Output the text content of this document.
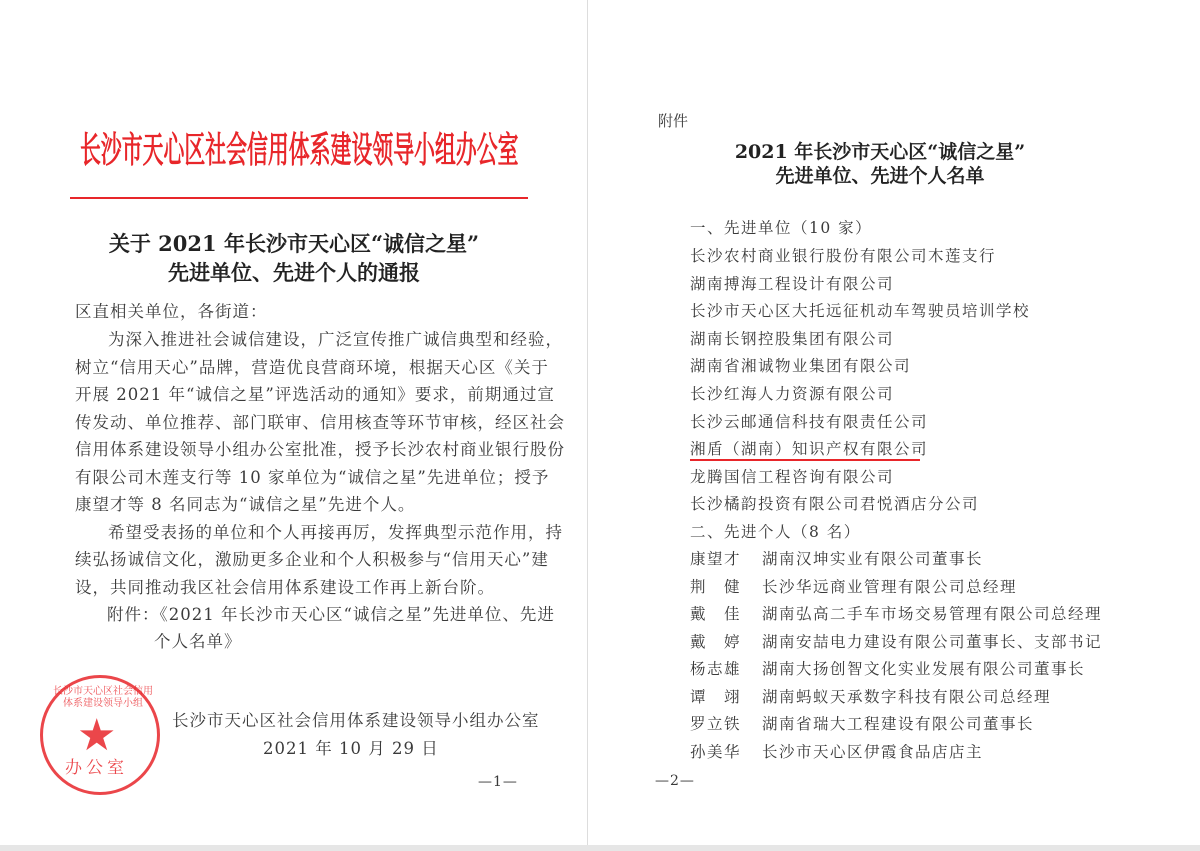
长沙市天心区社会信用体系建设领导小组办公室
关于 2021 年长沙市天心区“诚信之星”
先进单位、先进个人的通报
区直相关单位，各街道：
为深入推进社会诚信建设，广泛宣传推广诚信典型和经验，
树立“信用天心”品牌，营造优良营商环境，根据天心区《关于
开展 2021 年“诚信之星”评选活动的通知》要求，前期通过宣
传发动、单位推荐、部门联审、信用核查等环节审核，经区社会
信用体系建设领导小组办公室批准，授予长沙农村商业银行股份
有限公司木莲支行等 10 家单位为“诚信之星”先进单位；授予
康望才等 8 名同志为“诚信之星”先进个人。
希望受表扬的单位和个人再接再厉，发挥典型示范作用，持
续弘扬诚信文化，激励更多企业和个人积极参与“信用天心”建
设，共同推动我区社会信用体系建设工作再上新台阶。
附件：《2021 年长沙市天心区“诚信之星”先进单位、先进
个人名单》
长沙市天心区社会信用体系建设领导小组办公室
2021 年 10 月 29 日
长沙市天心区社会信用体系建设领导小组
★
办公室
—1—
附件
2021 年长沙市天心区“诚信之星”
先进单位、先进个人名单
一、先进单位（10 家）
长沙农村商业银行股份有限公司木莲支行
湖南搏海工程设计有限公司
长沙市天心区大托远征机动车驾驶员培训学校
湖南长钢控股集团有限公司
湖南省湘诚物业集团有限公司
长沙红海人力资源有限公司
长沙云邮通信科技有限责任公司
湘盾（湖南）知识产权有限公司
龙腾国信工程咨询有限公司
长沙橘韵投资有限公司君悦酒店分公司
二、先进个人（8 名）
康望才 湖南汉坤实业有限公司董事长
荆　健 长沙华远商业管理有限公司总经理
戴　佳 湖南弘高二手车市场交易管理有限公司总经理
戴　婷 湖南安喆电力建设有限公司董事长、支部书记
杨志雄 湖南大扬创智文化实业发展有限公司董事长
谭　翊 湖南蚂蚁天承数字科技有限公司总经理
罗立铁 湖南省瑞大工程建设有限公司董事长
孙美华 长沙市天心区伊霞食品店店主
—2—
